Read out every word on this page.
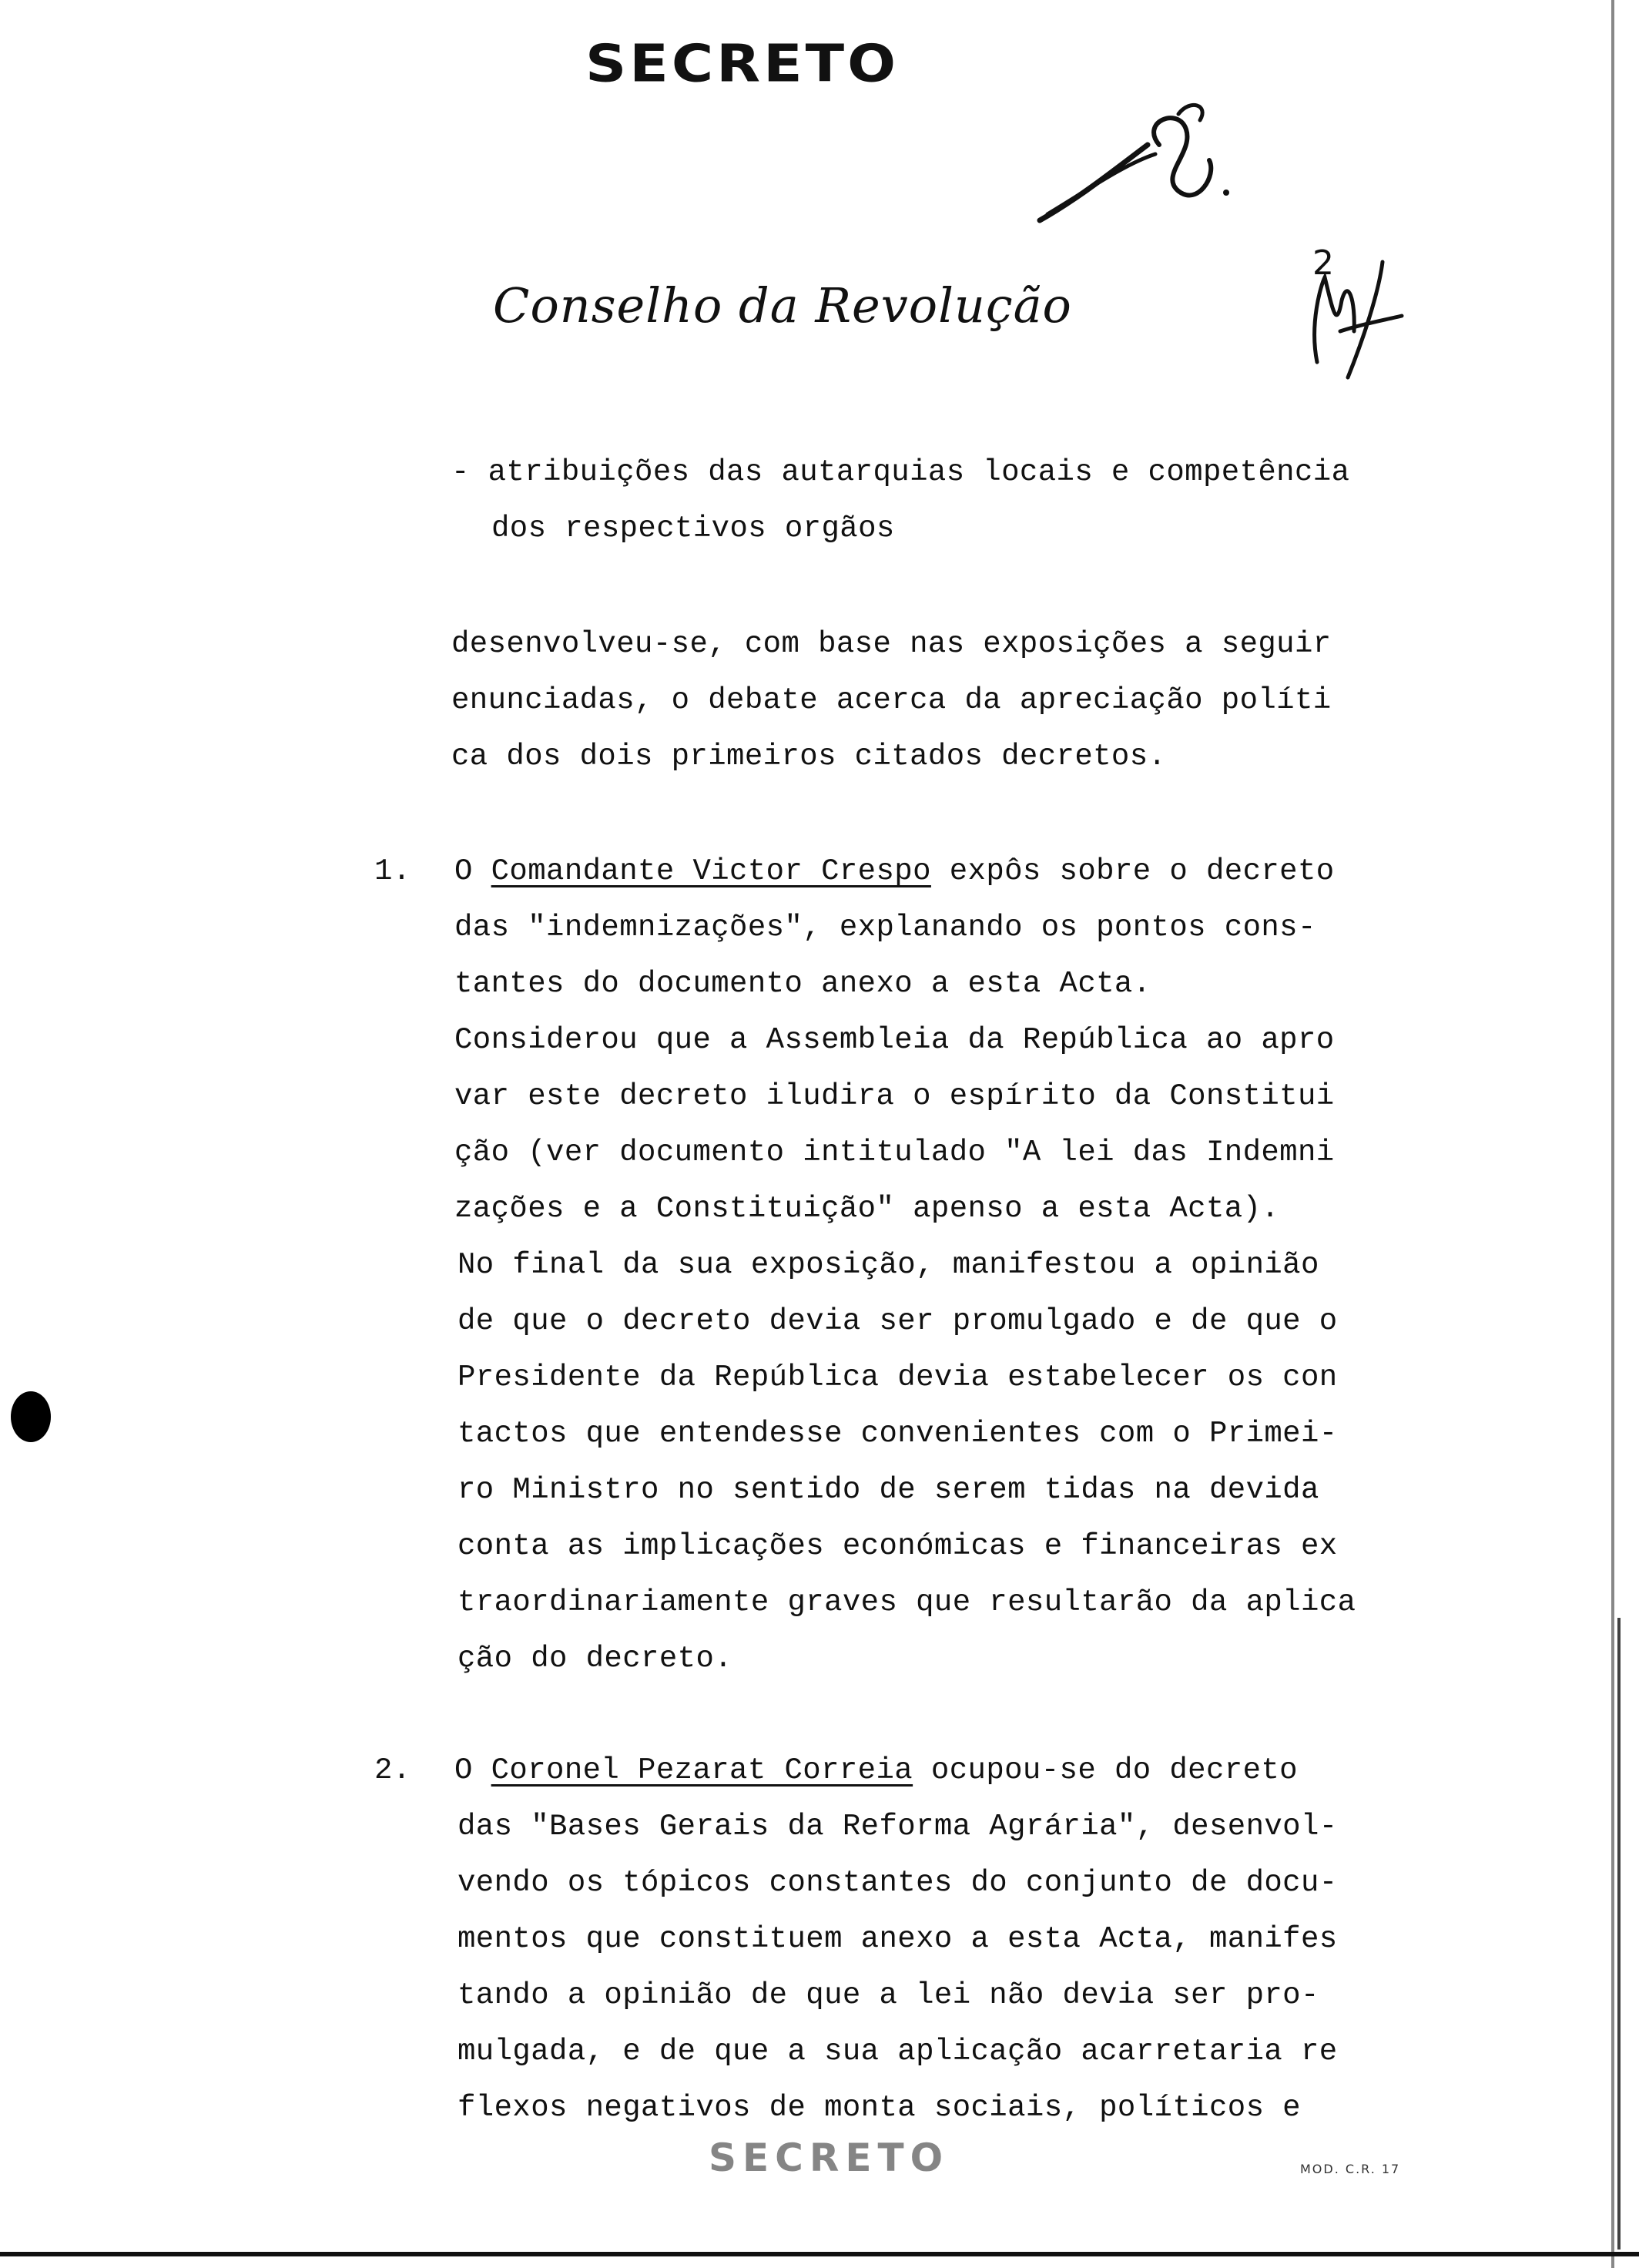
SECRETO
Conselho da Revolução
2
- atribuições das autarquias locais e competência
dos respectivos orgãos
desenvolveu-se, com base nas exposições a seguir
enunciadas, o debate acerca da apreciação políti
ca dos dois primeiros citados decretos.
1. O Comandante Victor Crespo expôs sobre o decreto
das "indemnizações", explanando os pontos cons-
tantes do documento anexo a esta Acta.
Considerou que a Assembleia da República ao apro
var este decreto iludira o espírito da Constitui
ção (ver documento intitulado "A lei das Indemni
zações e a Constituição" apenso a esta Acta).
No final da sua exposição, manifestou a opinião
de que o decreto devia ser promulgado e de que o
Presidente da República devia estabelecer os con
tactos que entendesse convenientes com o Primei-
ro Ministro no sentido de serem tidas na devida
conta as implicações económicas e financeiras ex
traordinariamente graves que resultarão da aplica
ção do decreto.
2. O Coronel Pezarat Correia ocupou-se do decreto
das "Bases Gerais da Reforma Agrária", desenvol-
vendo os tópicos constantes do conjunto de docu-
mentos que constituem anexo a esta Acta, manifes
tando a opinião de que a lei não devia ser pro-
mulgada, e de que a sua aplicação acarretaria re
flexos negativos de monta sociais, políticos e
SECRETO	MOD. C.R. 17
